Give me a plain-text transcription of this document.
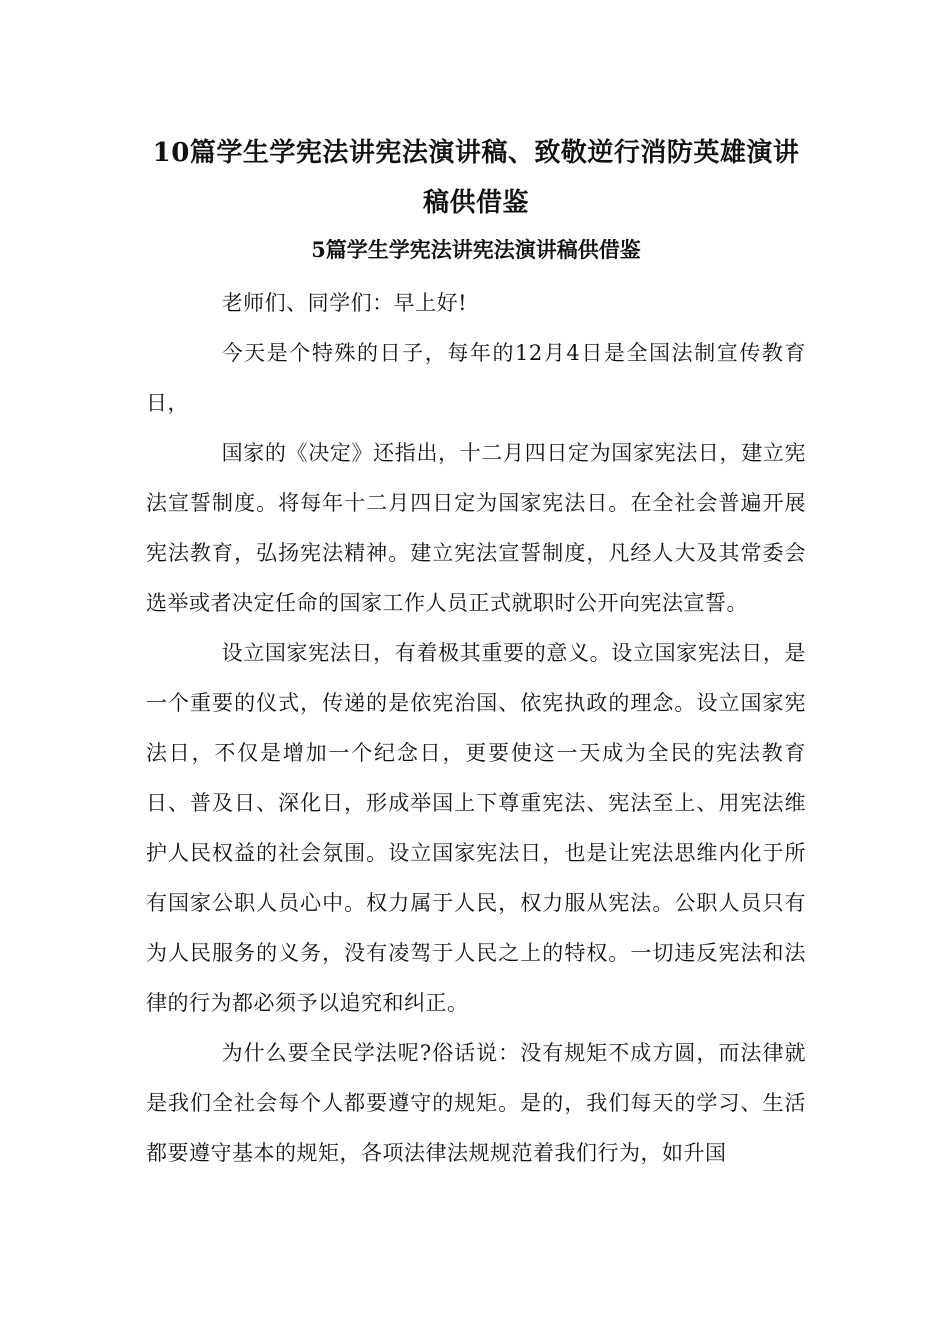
10篇学生学宪法讲宪法演讲稿、致敬逆行消防英雄演讲稿供借鉴
5篇学生学宪法讲宪法演讲稿供借鉴

老师们、同学们：早上好!

今天是个特殊的日子，每年的12月4日是全国法制宣传教育日，

国家的《决定》还指出，十二月四日定为国家宪法日，建立宪法宣誓制度。将每年十二月四日定为国家宪法日。在全社会普遍开展宪法教育，弘扬宪法精神。建立宪法宣誓制度，凡经人大及其常委会选举或者决定任命的国家工作人员正式就职时公开向宪法宣誓。

设立国家宪法日，有着极其重要的意义。设立国家宪法日，是一个重要的仪式，传递的是依宪治国、依宪执政的理念。设立国家宪法日，不仅是增加一个纪念日，更要使这一天成为全民的宪法教育日、普及日、深化日，形成举国上下尊重宪法、宪法至上、用宪法维护人民权益的社会氛围。设立国家宪法日，也是让宪法思维内化于所有国家公职人员心中。权力属于人民，权力服从宪法。公职人员只有为人民服务的义务，没有凌驾于人民之上的特权。一切违反宪法和法律的行为都必须予以追究和纠正。

为什么要全民学法呢?俗话说：没有规矩不成方圆，而法律就是我们全社会每个人都要遵守的规矩。是的，我们每天的学习、生活都要遵守基本的规矩，各项法律法规规范着我们行为，如升国
